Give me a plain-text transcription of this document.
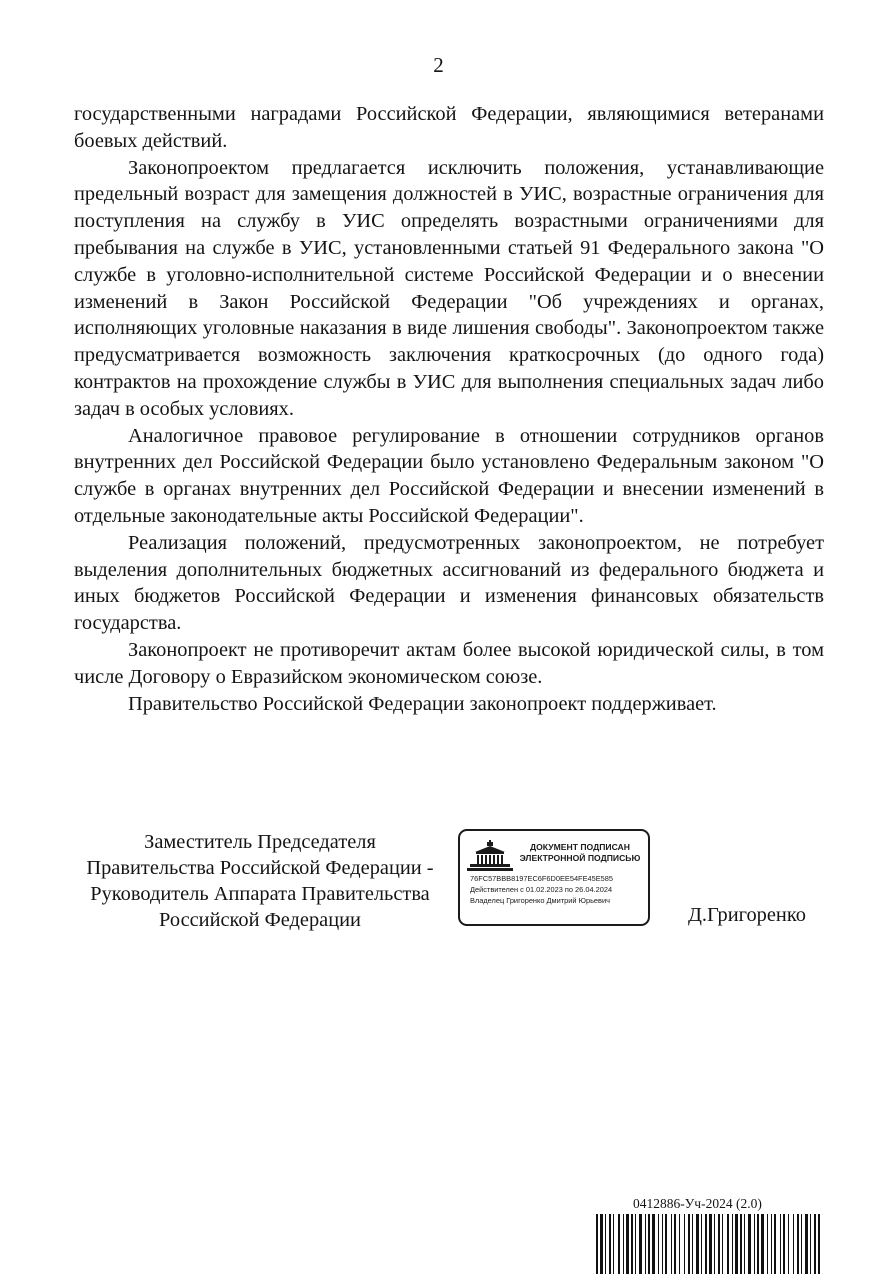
2

государственными наградами Российской Федерации, являющимися ветеранами боевых действий.

Законопроектом предлагается исключить положения, устанавливающие предельный возраст для замещения должностей в УИС, возрастные ограничения для поступления на службу в УИС определять возрастными ограничениями для пребывания на службе в УИС, установленными статьей 91 Федерального закона "О службе в уголовно-исполнительной системе Российской Федерации и о внесении изменений в Закон Российской Федерации "Об учреждениях и органах, исполняющих уголовные наказания в виде лишения свободы". Законопроектом также предусматривается возможность заключения краткосрочных (до одного года) контрактов на прохождение службы в УИС для выполнения специальных задач либо задач в особых условиях.

Аналогичное правовое регулирование в отношении сотрудников органов внутренних дел Российской Федерации было установлено Федеральным законом "О службе в органах внутренних дел Российской Федерации и внесении изменений в отдельные законодательные акты Российской Федерации".

Реализация положений, предусмотренных законопроектом, не потребует выделения дополнительных бюджетных ассигнований из федерального бюджета и иных бюджетов Российской Федерации и изменения финансовых обязательств государства.

Законопроект не противоречит актам более высокой юридической силы, в том числе Договору о Евразийском экономическом союзе.

Правительство Российской Федерации законопроект поддерживает.

Заместитель Председателя
Правительства Российской Федерации -
Руководитель Аппарата Правительства
Российской Федерации
ДОКУМЕНТ ПОДПИСАН
ЭЛЕКТРОННОЙ ПОДПИСЬЮ
76FC57BBB8197EC6F6D0EE54FE45E585
Действителен с 01.02.2023 по 26.04.2024
Владелец Григоренко Дмитрий Юрьевич
Д.Григоренко
0412886-Уч-2024 (2.0)
